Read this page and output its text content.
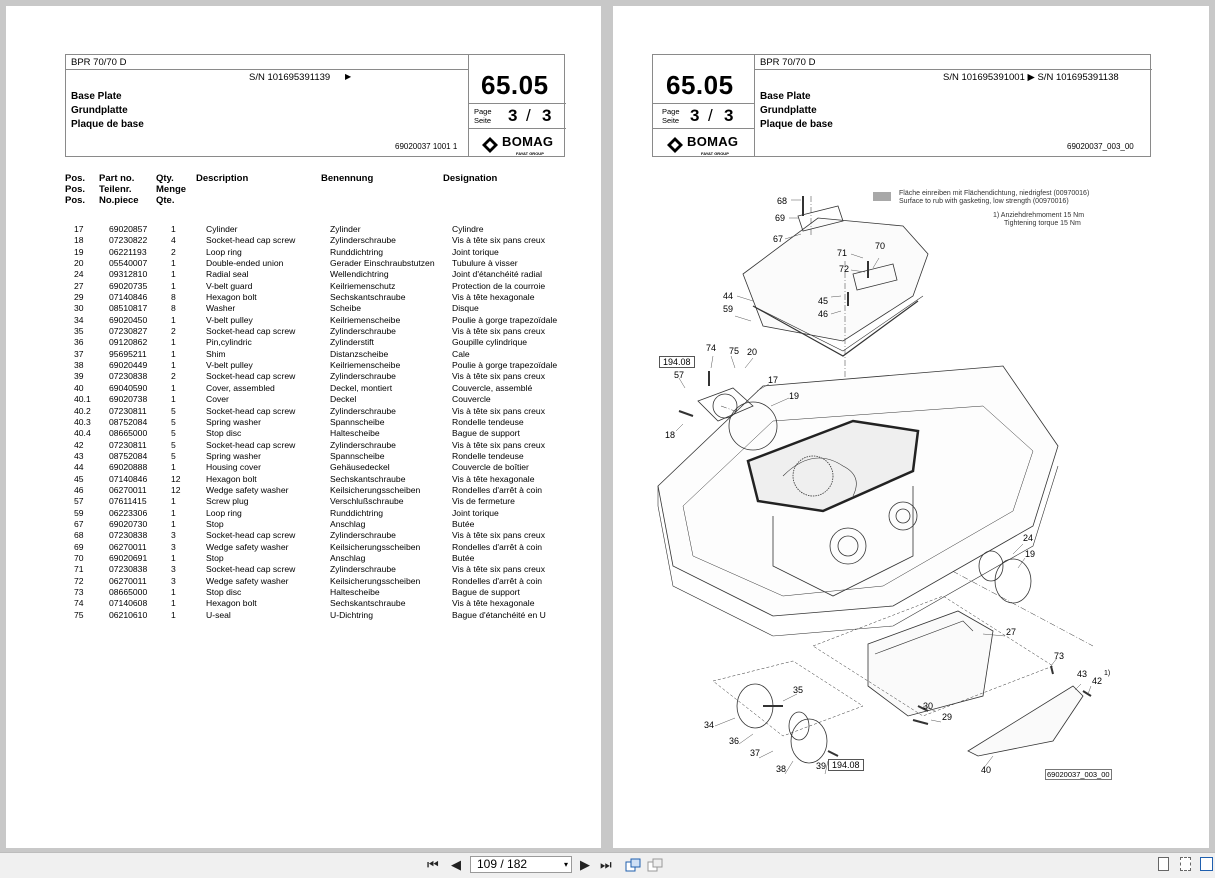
BPR 70/70 D
S/N 101695391139 ▶
Base Plate
Grundplatte
Plaque de base
69020037 1001 1
65.05
Page
Seite 3 / 3
BOMAG
FAYAT GROUP
Pos.
Pos.
Pos.
Part no.
Teilenr.
No.piece
Qty.
Menge
Qte.
Description	Benennung	Designation
17	69020857	1	Cylinder	Zylinder	Cylindre
18	07230822	4	Socket-head cap screw	Zylinderschraube	Vis à tête six pans creux
19	06221193	2	Loop ring	Runddichtring	Joint torique
20	05540007	1	Double-ended union	Gerader Einschraubstutzen	Tubulure à visser
24	09312810	1	Radial seal	Wellendichtring	Joint d'étanchéité radial
27	69020735	1	V-belt guard	Keilriemenschutz	Protection de la courroie
29	07140846	8	Hexagon bolt	Sechskantschraube	Vis à tête hexagonale
30	08510817	8	Washer	Scheibe	Disque
34	69020450	1	V-belt pulley	Keilriemenscheibe	Poulie à gorge trapezoïdale
35	07230827	2	Socket-head cap screw	Zylinderschraube	Vis à tête six pans creux
36	09120862	1	Pin,cylindric	Zylinderstift	Goupille cylindrique
37	95695211	1	Shim	Distanzscheibe	Cale
38	69020449	1	V-belt pulley	Keilriemenscheibe	Poulie à gorge trapezoïdale
39	07230838	2	Socket-head cap screw	Zylinderschraube	Vis à tête six pans creux
40	69040590	1	Cover, assembled	Deckel, montiert	Couvercle, assemblé
40.1	69020738	1	Cover	Deckel	Couvercle
40.2	07230811	5	Socket-head cap screw	Zylinderschraube	Vis à tête six pans creux
40.3	08752084	5	Spring washer	Spannscheibe	Rondelle tendeuse
40.4	08665000	5	Stop disc	Haltescheibe	Bague de support
42	07230811	5	Socket-head cap screw	Zylinderschraube	Vis à tête six pans creux
43	08752084	5	Spring washer	Spannscheibe	Rondelle tendeuse
44	69020888	1	Housing cover	Gehäusedeckel	Couvercle de boîtier
45	07140846	12	Hexagon bolt	Sechskantschraube	Vis à tête hexagonale
46	06270011	12	Wedge safety washer	Keilsicherungsscheiben	Rondelles d'arrêt à coin
57	07611415	1	Screw plug	Verschlußschraube	Vis de fermeture
59	06223306	1	Loop ring	Runddichtring	Joint torique
67	69020730	1	Stop	Anschlag	Butée
68	07230838	3	Socket-head cap screw	Zylinderschraube	Vis à tête six pans creux
69	06270011	3	Wedge safety washer	Keilsicherungsscheiben	Rondelles d'arrêt à coin
70	69020691	1	Stop	Anschlag	Butée
71	07230838	3	Socket-head cap screw	Zylinderschraube	Vis à tête six pans creux
72	06270011	3	Wedge safety washer	Keilsicherungsscheiben	Rondelles d'arrêt à coin
73	08665000	1	Stop disc	Haltescheibe	Bague de support
74	07140608	1	Hexagon bolt	Sechskantschraube	Vis à tête hexagonale
75	06210610	1	U-seal	U-Dichtring	Bague d'étanchéité en U
65.05
Page
Seite 3 / 3
BOMAG
FAYAT GROUP
BPR 70/70 D
S/N 101695391001 ▶ S/N 101695391138
Base Plate
Grundplatte
Plaque de base
69020037_003_00
Fläche einreiben mit Flächendichtung, niedrigfest (00970016)
Surface to rub with gasketing, low strength (00970016)
1) Anziehdrehmoment 15 Nm
Tightening torque 15 Nm
68
69
67
71
70
72
45
46
44
59
74 75 20
57	17
19
18
24
19
27
73
43
42
1)
35
34
30
29
36
37
38	39	40
194.08
194.08
69020037_003_00
⏮ ◀	109 / 182	▾ ▶ ⏭
